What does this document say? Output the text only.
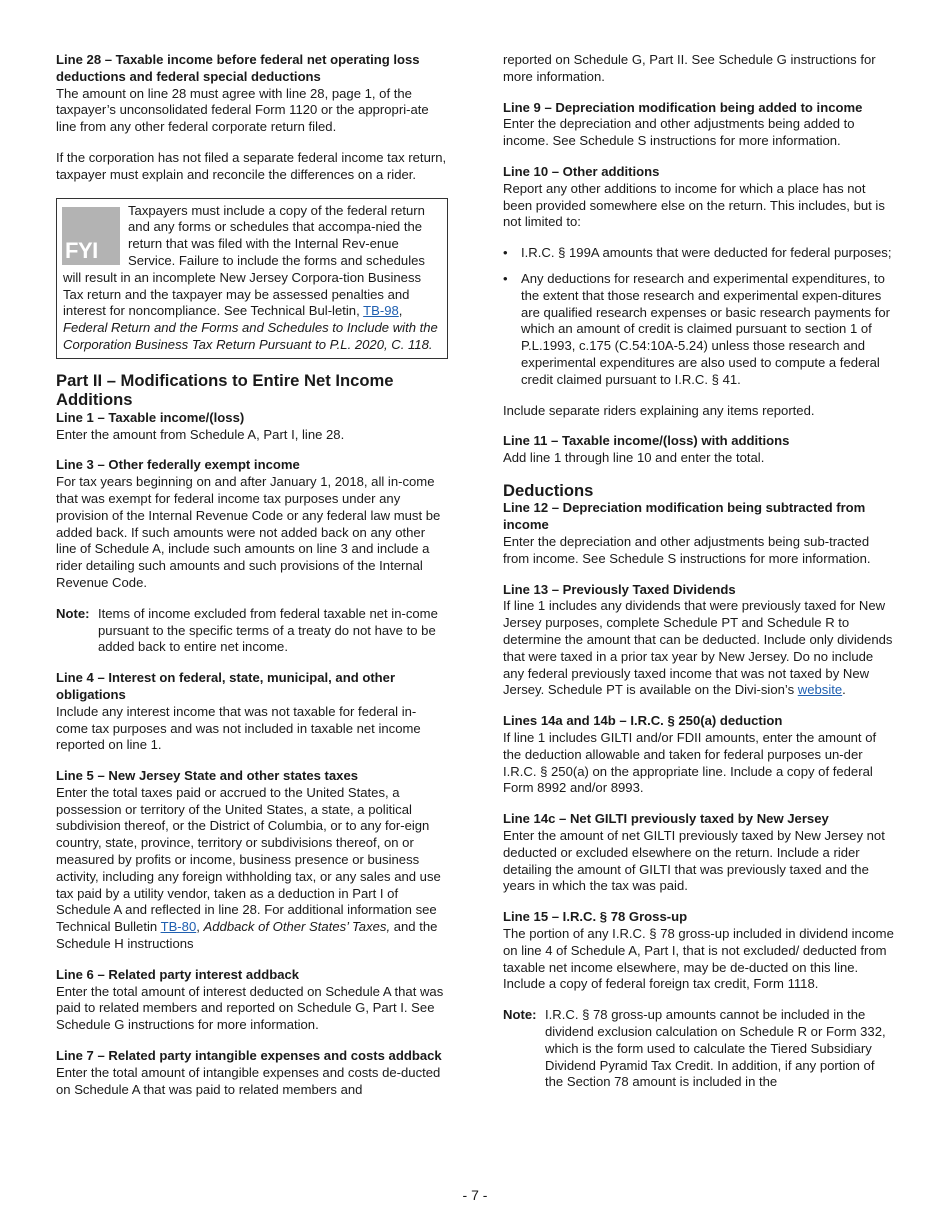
Line 28 – Taxable income before federal net operating loss deductions and federal special deductions

The amount on line 28 must agree with line 28, page 1, of the taxpayer’s unconsolidated federal Form 1120 or the appropri-ate line from any other federal corporate return filed.

If the corporation has not filed a separate federal income tax return, taxpayer must explain and reconcile the differences on a rider.

FYI
Taxpayers must include a copy of the federal return and any forms or schedules that accompa-nied the return that was filed with the Internal Rev-enue Service. Failure to include the forms and schedules will result in an incomplete New Jersey Corpora-tion Business Tax return and the taxpayer may be assessed penalties and interest for noncompliance. See Technical Bul-letin, TB-98, Federal Return and the Forms and Schedules to Include with the Corporation Business Tax Return Pursuant to P.L. 2020, C. 118.

Part II – Modifications to Entire Net Income

Additions

Line 1 – Taxable income/(loss)

Enter the amount from Schedule A, Part I, line 28.

Line 3 – Other federally exempt income

For tax years beginning on and after January 1, 2018, all in-come that was exempt for federal income tax purposes under any provision of the Internal Revenue Code or any federal law must be added back. If such amounts were not added back on any other line of Schedule A, include such amounts on line 3 and include a rider detailing such amounts and such provisions of the Internal Revenue Code.

Note: Items of income excluded from federal taxable net in-come pursuant to the specific terms of a treaty do not have to be added back to entire net income.

Line 4 – Interest on federal, state, municipal, and other obligations

Include any interest income that was not taxable for federal in-come tax purposes and was not included in taxable net income reported on line 1.

Line 5 – New Jersey State and other states taxes

Enter the total taxes paid or accrued to the United States, a possession or territory of the United States, a state, a political subdivision thereof, or the District of Columbia, or to any for-eign country, state, province, territory or subdivisions thereof, on or measured by profits or income, business presence or business activity, including any foreign withholding tax, or any sales and use tax paid by a utility vendor, taken as a deduction in Part I of Schedule A and reflected in line 28. For additional information see Technical Bulletin TB-80, Addback of Other States’ Taxes, and the Schedule H instructions

Line 6 – Related party interest addback

Enter the total amount of interest deducted on Schedule A that was paid to related members and reported on Schedule G, Part I. See Schedule G instructions for more information.

Line 7 – Related party intangible expenses and costs addback

Enter the total amount of intangible expenses and costs de-ducted on Schedule A that was paid to related members and

reported on Schedule G, Part II. See Schedule G instructions for more information.

Line 9 – Depreciation modification being added to income

Enter the depreciation and other adjustments being added to income. See Schedule S instructions for more information.

Line 10 – Other additions

Report any other additions to income for which a place has not been provided somewhere else on the return. This includes, but is not limited to:

• I.R.C. § 199A amounts that were deducted for federal purposes;
• Any deductions for research and experimental expenditures, to the extent that those research and experimental expen-ditures are qualified research expenses or basic research payments for which an amount of credit is claimed pursuant to section 1 of P.L.1993, c.175 (C.54:10A-5.24) unless those research and experimental expenditures are also used to compute a federal credit claimed pursuant to I.R.C. § 41.

Include separate riders explaining any items reported.

Line 11 – Taxable income/(loss) with additions

Add line 1 through line 10 and enter the total.

Deductions

Line 12 – Depreciation modification being subtracted from income

Enter the depreciation and other adjustments being sub-tracted from income. See Schedule S instructions for more information.

Line 13 – Previously Taxed Dividends

If line 1 includes any dividends that were previously taxed for New Jersey purposes, complete Schedule PT and Schedule R to determine the amount that can be deducted. Include only dividends that were taxed in a prior tax year by New Jersey. Do no include any federal previously taxed income that was not taxed by New Jersey. Schedule PT is available on the Divi-sion’s website.

Lines 14a and 14b – I.R.C. § 250(a) deduction

If line 1 includes GILTI and/or FDII amounts, enter the amount of the deduction allowable and taken for federal purposes un-der I.R.C. § 250(a) on the appropriate line. Include a copy of federal Form 8992 and/or 8993.

Line 14c – Net GILTI previously taxed by New Jersey

Enter the amount of net GILTI previously taxed by New Jersey not deducted or excluded elsewhere on the return. Include a rider detailing the amount of GILTI that was previously taxed and the years in which the tax was paid.

Line 15 – I.R.C. § 78 Gross-up

The portion of any I.R.C. § 78 gross-up included in dividend income on line 4 of Schedule A, Part I, that is not excluded/ deducted from taxable net income elsewhere, may be de-ducted on this line. Include a copy of federal foreign tax credit, Form 1118.

Note: I.R.C. § 78 gross-up amounts cannot be included in the dividend exclusion calculation on Schedule R or Form 332, which is the form used to calculate the Tiered Subsidiary Dividend Pyramid Tax Credit. In addition, if any portion of the Section 78 amount is included in the
- 7 -
